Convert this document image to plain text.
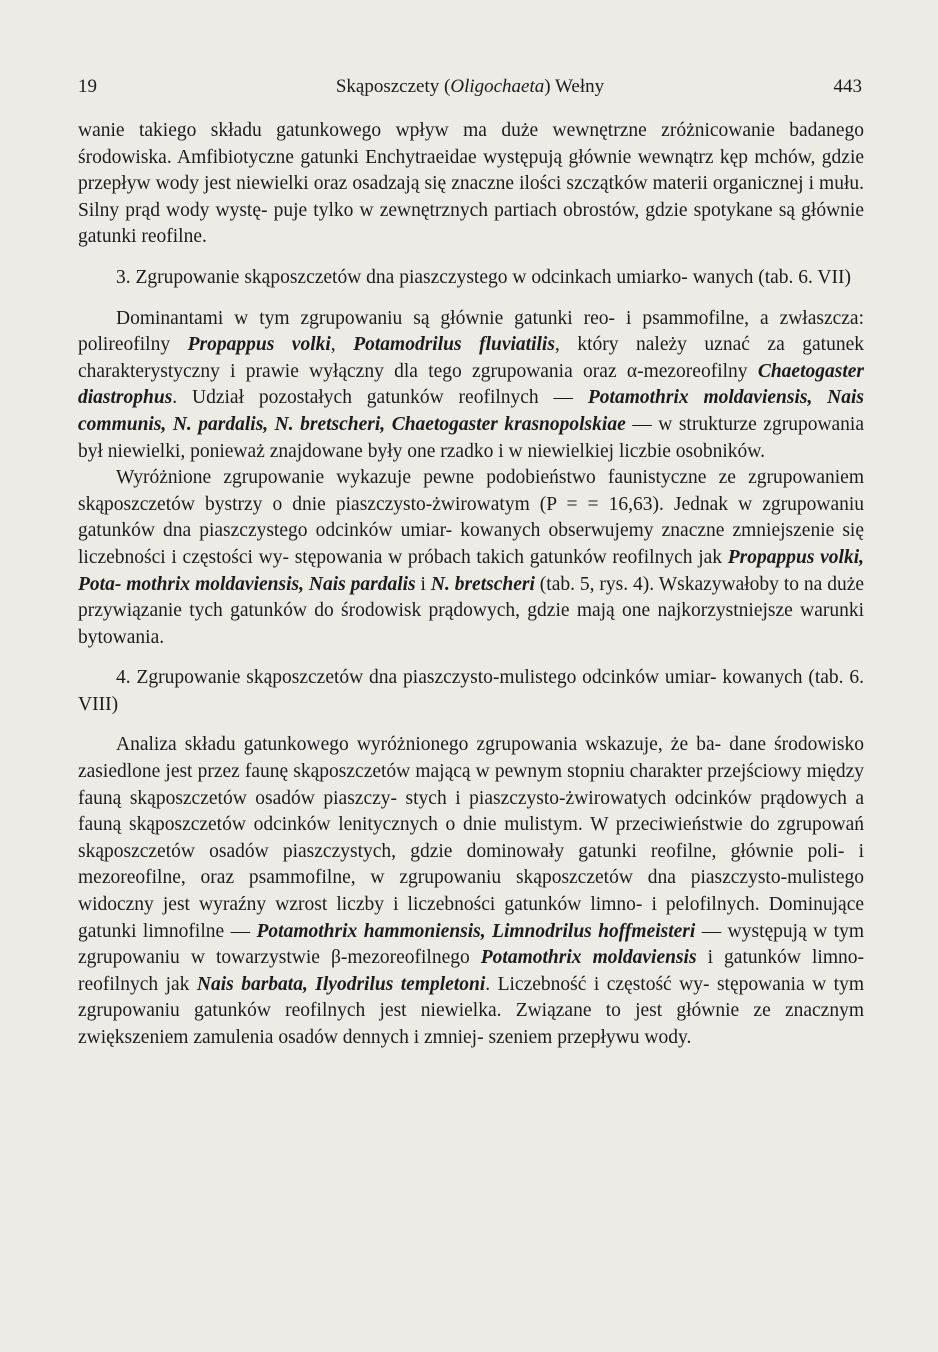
19	Skąposzczety (Oligochaeta) Wełny	443

wanie takiego składu gatunkowego wpływ ma duże wewnętrzne zróżnicowanie badanego środowiska. Amfibiotyczne gatunki Enchytraeidae występują głównie wewnątrz kęp mchów, gdzie przepływ wody jest niewielki oraz osadzają się znaczne ilości szczątków materii organicznej i mułu. Silny prąd wody wystę- puje tylko w zewnętrznych partiach obrostów, gdzie spotykane są głównie gatunki reofilne.

3. Zgrupowanie skąposzczetów dna piaszczystego w odcinkach umiarko- wanych (tab. 6. VII)

Dominantami w tym zgrupowaniu są głównie gatunki reo- i psammofilne, a zwłaszcza: polireofilny Propappus volki, Potamodrilus fluviatilis, który należy uznać za gatunek charakterystyczny i prawie wyłączny dla tego zgrupowania oraz α-mezoreofilny Chaetogaster diastrophus. Udział pozostałych gatunków reofilnych — Potamothrix moldaviensis, Nais communis, N. pardalis, N. bretscheri, Chaetogaster krasnopolskiae — w strukturze zgrupowania był niewielki, ponieważ znajdowane były one rzadko i w niewielkiej liczbie osobników.

Wyróżnione zgrupowanie wykazuje pewne podobieństwo faunistyczne ze zgrupowaniem skąposzczetów bystrzy o dnie piaszczysto-żwirowatym (P = = 16,63). Jednak w zgrupowaniu gatunków dna piaszczystego odcinków umiar- kowanych obserwujemy znaczne zmniejszenie się liczebności i częstości wy- stępowania w próbach takich gatunków reofilnych jak Propappus volki, Pota- mothrix moldaviensis, Nais pardalis i N. bretscheri (tab. 5, rys. 4). Wskazywałoby to na duże przywiązanie tych gatunków do środowisk prądowych, gdzie mają one najkorzystniejsze warunki bytowania.

4. Zgrupowanie skąposzczetów dna piaszczysto-mulistego odcinków umiar- kowanych (tab. 6. VIII)

Analiza składu gatunkowego wyróżnionego zgrupowania wskazuje, że ba- dane środowisko zasiedlone jest przez faunę skąposzczetów mającą w pewnym stopniu charakter przejściowy między fauną skąposzczetów osadów piaszczy- stych i piaszczysto-żwirowatych odcinków prądowych a fauną skąposzczetów odcinków lenitycznych o dnie mulistym. W przeciwieństwie do zgrupowań skąposzczetów osadów piaszczystych, gdzie dominowały gatunki reofilne, głównie poli- i mezoreofilne, oraz psammofilne, w zgrupowaniu skąposzczetów dna piaszczysto-mulistego widoczny jest wyraźny wzrost liczby i liczebności gatunków limno- i pelofilnych. Dominujące gatunki limnofilne — Potamothrix hammoniensis, Limnodrilus hoffmeisteri — występują w tym zgrupowaniu w towarzystwie β-mezoreofilnego Potamothrix moldaviensis i gatunków limno- reofilnych jak Nais barbata, Ilyodrilus templetoni. Liczebność i częstość wy- stępowania w tym zgrupowaniu gatunków reofilnych jest niewielka. Związane to jest głównie ze znacznym zwiększeniem zamulenia osadów dennych i zmniej- szeniem przepływu wody.
